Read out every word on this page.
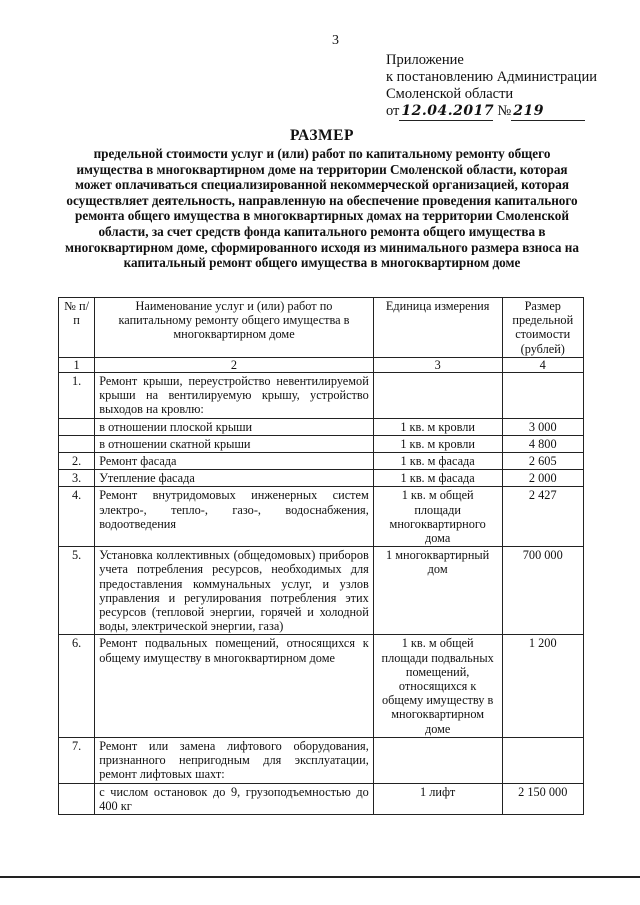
3
Приложение
к постановлению Администрации
Смоленской области
от 12.04.2017 № 219
РАЗМЕР
предельной стоимости услуг и (или) работ по капитальному ремонту общего имущества в многоквартирном доме на территории Смоленской области, которая может оплачиваться специализированной некоммерческой организацией, которая осуществляет деятельность, направленную на обеспечение проведения капитального ремонта общего имущества в многоквартирных домах на территории Смоленской области, за счет средств фонда капитального ремонта общего имущества в многоквартирном доме, сформированного исходя из минимального размера взноса на капитальный ремонт общего имущества в многоквартирном доме
№ п/п	Наименование услуг и (или) работ по капитальному ремонту общего имущества в многоквартирном доме	Единица измерения	Размер предельной стоимости (рублей)
1	2	3	4
1.	Ремонт крыши, переустройство невентилируемой крыши на вентилируемую крышу, устройство выходов на кровлю:		
	в отношении плоской крыши	1 кв. м кровли	3 000
	в отношении скатной крыши	1 кв. м кровли	4 800
2.	Ремонт фасада	1 кв. м фасада	2 605
3.	Утепление фасада	1 кв. м фасада	2 000
4.	Ремонт внутридомовых инженерных систем электро-, тепло-, газо-, водоснабжения, водоотведения	1 кв. м общей площади многоквартирного дома	2 427
5.	Установка коллективных (общедомовых) приборов учета потребления ресурсов, необходимых для предоставления коммунальных услуг, и узлов управления и регулирования потребления этих ресурсов (тепловой энергии, горячей и холодной воды, электрической энергии, газа)	1 многоквартирный дом	700 000
6.	Ремонт подвальных помещений, относящихся к общему имуществу в многоквартирном доме	1 кв. м общей площади подвальных помещений, относящихся к общему имуществу в многоквартирном доме	1 200
7.	Ремонт или замена лифтового оборудования, признанного непригодным для эксплуатации, ремонт лифтовых шахт:		
	с числом остановок до 9, грузоподъемностью до 400 кг	1 лифт	2 150 000
